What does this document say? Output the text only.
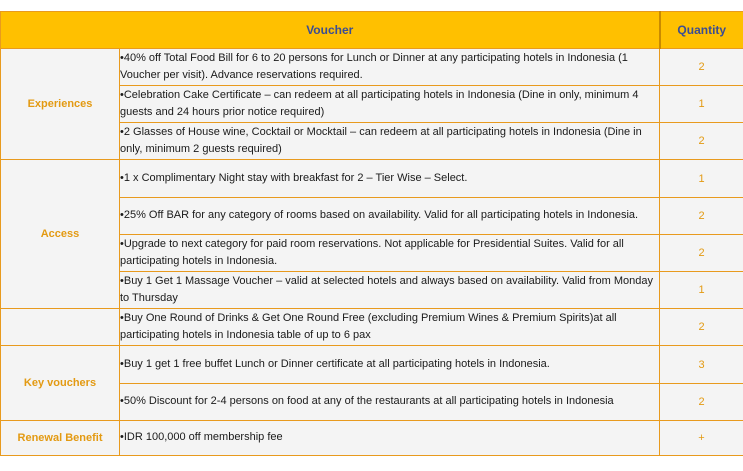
Voucher		Quantity
Experiences	•40% off Total Food Bill for 6 to 20 persons for Lunch or Dinner at any participating hotels in Indonesia (1 Voucher per visit). Advance reservations required.	2
	•Celebration Cake Certificate – can redeem at all participating hotels in Indonesia (Dine in only, minimum 4 guests and 24 hours prior notice required)	1
	•2 Glasses of House wine, Cocktail or Mocktail – can redeem at all participating hotels in Indonesia (Dine in only, minimum 2 guests required)	2
Access	•1 x Complimentary Night stay with breakfast for 2 – Tier Wise – Select.	1
	•25% Off BAR for any category of rooms based on availability. Valid for all participating hotels in Indonesia.	2
	•Upgrade to next category for paid room reservations. Not applicable for Presidential Suites. Valid for all participating hotels in Indonesia.	2
	•Buy 1 Get 1 Massage Voucher – valid at selected hotels and always based on availability. Valid from Monday to Thursday	1
	•Buy One Round of Drinks & Get One Round Free (excluding Premium Wines & Premium Spirits)at all participating hotels in Indonesia table of up to 6 pax	2
Key vouchers	•Buy 1 get 1 free buffet Lunch or Dinner certificate at all participating hotels in Indonesia.	3
	•50% Discount for 2-4 persons on food at any of the restaurants at all participating hotels in Indonesia	2
Renewal Benefit	•IDR 100,000 off membership fee	+
